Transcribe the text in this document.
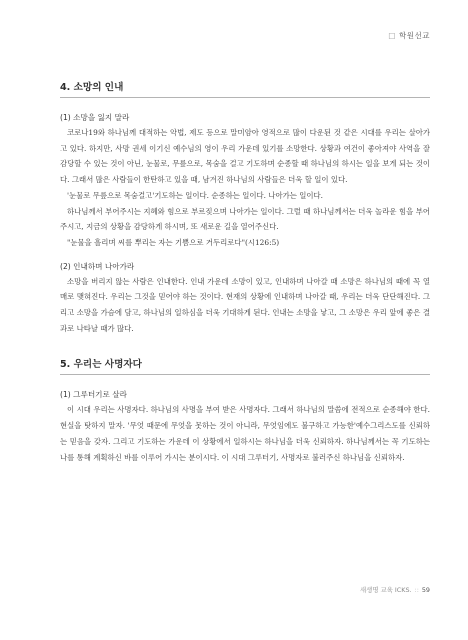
□ 학원선교
4. 소망의 인내
(1) 소망을 잃지 말라

코로나19와 하나님께 대적하는 악법, 제도 등으로 말미암아 영적으로 많이 다운된 것 같은 시대를 우리는 살아가고 있다. 하지만, 사망 권세 이기신 예수님의 영이 우리 가운데 있기를 소망한다. 상황과 여건이 좋아져야 사역을 잘 감당할 수 있는 것이 아닌, 눈물로, 무릎으로, 목숨을 걸고 기도하며 순종할 때 하나님의 하시는 일을 보게 되는 것이다. 그래서 많은 사람들이 한탄하고 있을 때, 남겨진 하나님의 사람들은 더욱 할 일이 있다.

'눈물로 무릎으로 목숨걸고'기도하는 일이다. 순종하는 일이다. 나아가는 일이다.

하나님께서 부어주시는 지혜와 힘으로 부르짖으며 나아가는 일이다. 그럴 때 하나님께서는 더욱 놀라운 힘을 부어주시고, 지금의 상황을 감당하게 하시며, 또 새로운 길을 열어주신다.

"눈물을 흘리며 씨를 뿌리는 자는 기쁨으로 거두리로다"(시126:5)

(2) 인내하며 나아가라

소망을 버리지 않는 사람은 인내한다. 인내 가운데 소망이 있고, 인내하며 나아갈 때 소망은 하나님의 때에 꼭 열매로 맺혀진다. 우리는 그것을 믿어야 하는 것이다. 현재의 상황에 인내하며 나아갈 때, 우리는 더욱 단단해진다. 그리고 소망을 가슴에 담고, 하나님의 일하심을 더욱 기대하게 된다. 인내는 소망을 낳고, 그 소망은 우리 앞에 좋은 결과로 나타날 때가 많다.

5. 우리는 사명자다
(1) 그루터기로 살라

이 시대 우리는 사명자다. 하나님의 사명을 부여 받은 사명자다. 그래서 하나님의 말씀에 전적으로 순종해야 한다. 현실을 탓하지 말자. '무엇 때문에 무엇을 못하는 것이 아니라, 무엇임에도 불구하고 가능한'예수그리스도를 신뢰하는 믿음을 갖자. 그리고 기도하는 가운데 이 상황에서 일하시는 하나님을 더욱 신뢰하자. 하나님께서는 꼭 기도하는 나를 통해 계획하신 바를 이루어 가시는 분이시다. 이 시대 그루터기, 사명자로 불러주신 하나님을 신뢰하자.

새생명 교육 ICKS. :: 59
